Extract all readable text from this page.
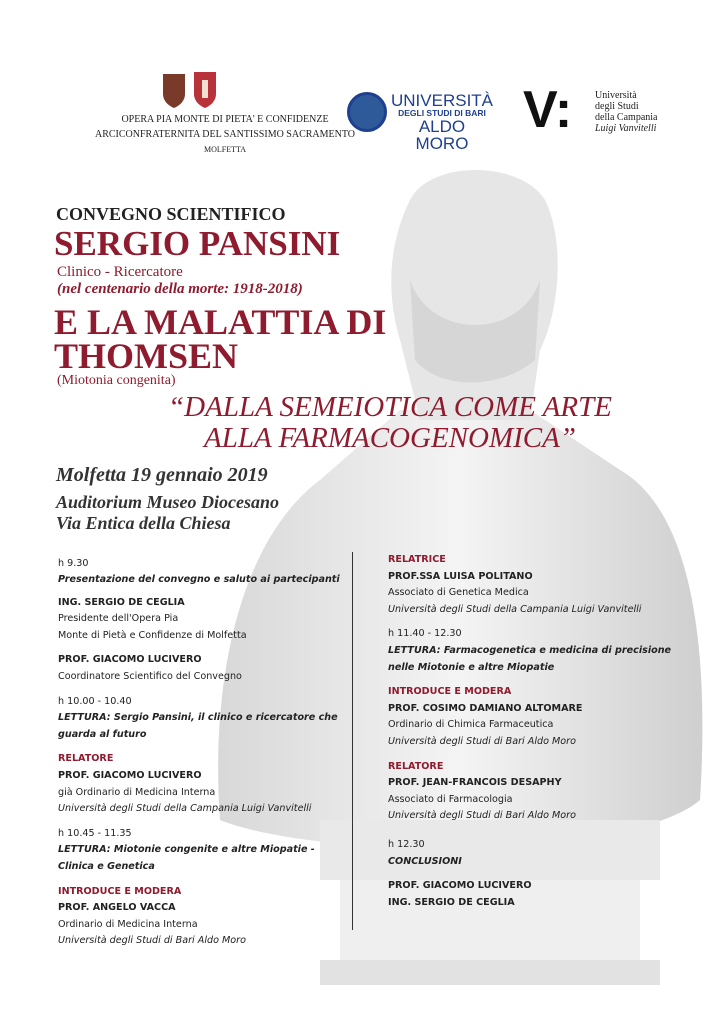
OPERA PIA MONTE DI PIETA' E CONFIDENZE
ARCICONFRATERNITA DEL SANTISSIMO SACRAMENTO
MOLFETTA
UNIVERSITÀ
DEGLI STUDI DI BARI
ALDO MORO
V: Università
degli Studi
della Campania
Luigi Vanvitelli
CONVEGNO SCIENTIFICO
SERGIO PANSINI
Clinico - Ricercatore
(nel centenario della morte: 1918-2018)
E LA MALATTIA DI
THOMSEN
(Miotonia congenita)
“DALLA SEMEIOTICA COME ARTE
ALLA FARMACOGENOMICA”
Molfetta 19 gennaio 2019
Auditorium Museo Diocesano
Via Entica della Chiesa
h 9.30
Presentazione del convegno e saluto ai partecipanti
ING. SERGIO DE CEGLIA
Presidente dell'Opera Pia
Monte di Pietà e Confidenze di Molfetta
PROF. GIACOMO LUCIVERO
Coordinatore Scientifico del Convegno
h 10.00 - 10.40
LETTURA: Sergio Pansini, il clinico e ricercatore che guarda al futuro
RELATORE
PROF. GIACOMO LUCIVERO
già Ordinario di Medicina Interna
Università degli Studi della Campania Luigi Vanvitelli
h 10.45 - 11.35
LETTURA: Miotonie congenite e altre Miopatie - Clinica e Genetica
INTRODUCE E MODERA
PROF. ANGELO VACCA
Ordinario di Medicina Interna
Università degli Studi di Bari Aldo Moro
RELATRICE
PROF.SSA LUISA POLITANO
Associato di Genetica Medica
Università degli Studi della Campania Luigi Vanvitelli
h 11.40 - 12.30
LETTURA: Farmacogenetica e medicina di precisione nelle Miotonie e altre Miopatie
INTRODUCE E MODERA
PROF. COSIMO DAMIANO ALTOMARE
Ordinario di Chimica Farmaceutica
Università degli Studi di Bari Aldo Moro
RELATORE
PROF. JEAN-FRANCOIS DESAPHY
Associato di Farmacologia
Università degli Studi di Bari Aldo Moro
h 12.30
CONCLUSIONI
PROF. GIACOMO LUCIVERO
ING. SERGIO DE CEGLIA
